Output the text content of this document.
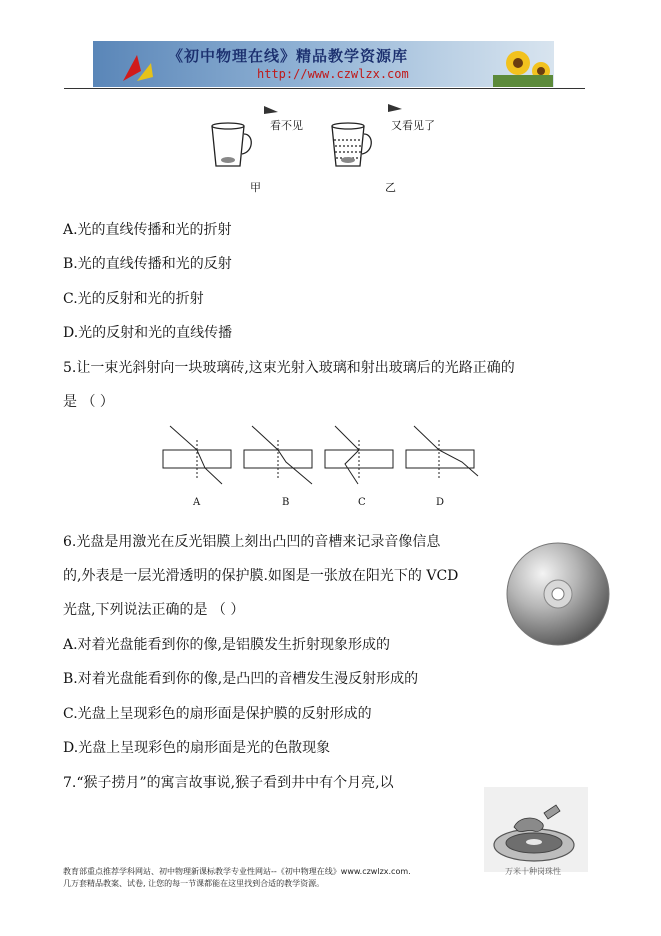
《初中物理在线》精品教学资源库
http://www.czwlzx.com
看不见	又看见了
甲	乙
A.光的直线传播和光的折射
B.光的直线传播和光的反射
C.光的反射和光的折射
D.光的反射和光的直线传播
5.让一束光斜射向一块玻璃砖,这束光射入玻璃和射出玻璃后的光路正确的
是 （ ）
A	B	C	D
6.光盘是用激光在反光铝膜上刻出凸凹的音槽来记录音像信息
的,外表是一层光滑透明的保护膜.如图是一张放在阳光下的 VCD
光盘,下列说法正确的是 （ ）
A.对着光盘能看到你的像,是铝膜发生折射现象形成的
B.对着光盘能看到你的像,是凸凹的音槽发生漫反射形成的
C.光盘上呈现彩色的扇形面是保护膜的反射形成的
D.光盘上呈现彩色的扇形面是光的色散现象
7.“猴子捞月”的寓言故事说,猴子看到井中有个月亮,以
万米十种岗珠性
教育部重点推荐学科网站、初中物理新课标教学专业性网站--《初中物理在线》www.czwlzx.com.
几万套精品教案、试卷, 让您的每一节课都能在这里找到合适的教学资源。
